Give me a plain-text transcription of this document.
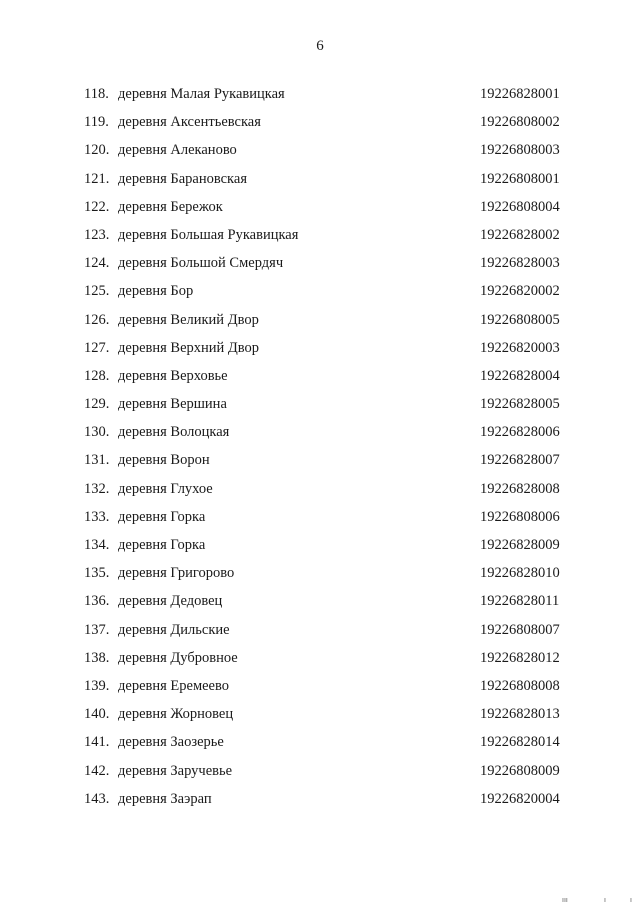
6
118. деревня Малая Рукавицкая	19226828001
119. деревня Аксентьевская	19226808002
120. деревня Алеканово	19226808003
121. деревня Барановская	19226808001
122. деревня Бережок	19226808004
123. деревня Большая Рукавицкая	19226828002
124. деревня Большой Смердяч	19226828003
125. деревня Бор	19226820002
126. деревня Великий Двор	19226808005
127. деревня Верхний Двор	19226820003
128. деревня Верховье	19226828004
129. деревня Вершина	19226828005
130. деревня Волоцкая	19226828006
131. деревня Ворон	19226828007
132. деревня Глухое	19226828008
133. деревня Горка	19226808006
134. деревня Горка	19226828009
135. деревня Григорово	19226828010
136. деревня Дедовец	19226828011
137. деревня Дильские	19226808007
138. деревня Дубровное	19226828012
139. деревня Еремеево	19226808008
140. деревня Жорновец	19226828013
141. деревня Заозерье	19226828014
142. деревня Заручевье	19226808009
143. деревня Заэрап	19226820004
ııı	ı	ı
